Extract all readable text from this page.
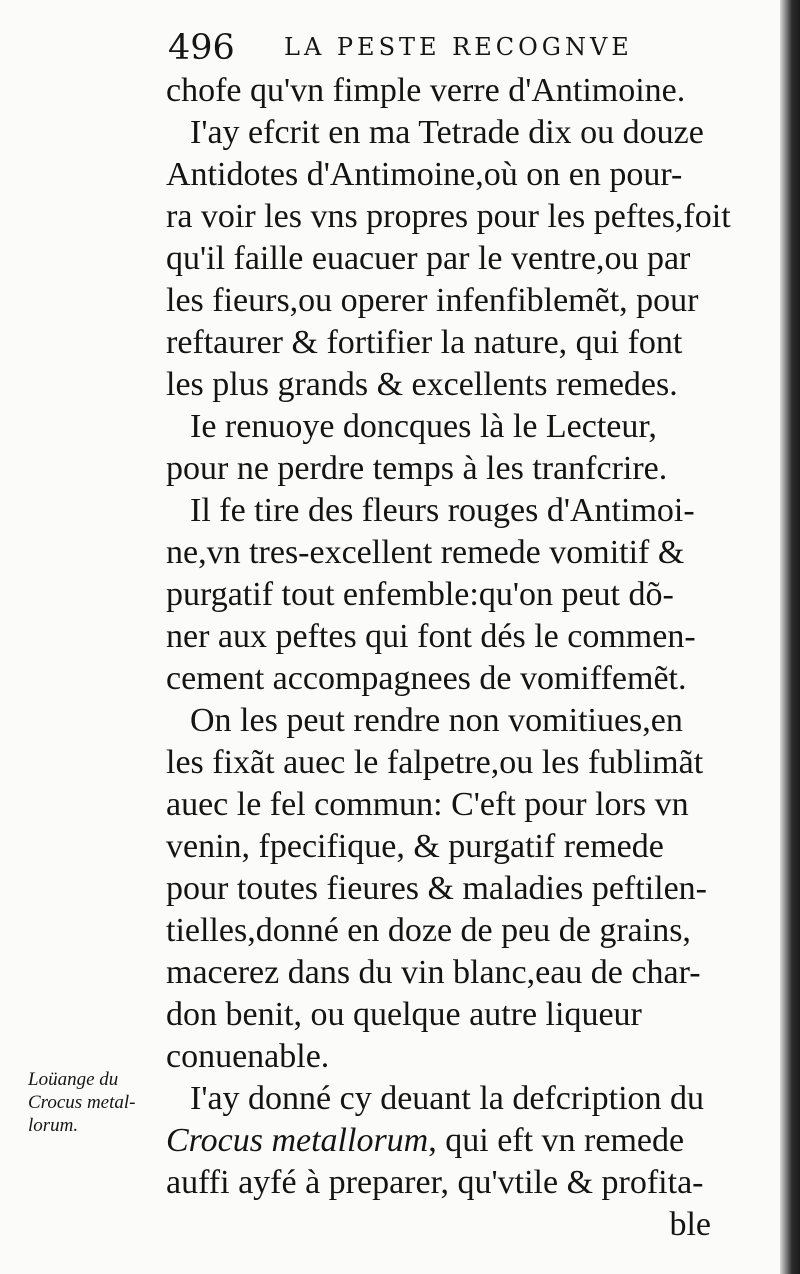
496 LA PESTE RECOGNVE
chofe qu'vn fimple verre d'Antimoine.
I'ay efcrit en ma Tetrade dix ou douze
Antidotes d'Antimoine,où on en pour-
ra voir les vns propres pour les peftes,foit
qu'il faille euacuer par le ventre,ou par
les fieurs,ou operer infenfiblemẽt, pour
reftaurer & fortifier la nature, qui font
les plus grands & excellents remedes.
Ie renuoye doncques là le Lecteur,
pour ne perdre temps à les tranfcrire.
Il fe tire des fleurs rouges d'Antimoi-
ne,vn tres-excellent remede vomitif &
purgatif tout enfemble:qu'on peut dõ-
ner aux peftes qui font dés le commen-
cement accompagnees de vomiffemẽt.
On les peut rendre non vomitiues,en
les fixãt auec le falpetre,ou les fublimãt
auec le fel commun: C'eft pour lors vn
venin, fpecifique, & purgatif remede
pour toutes fieures & maladies peftilen-
tielles,donné en doze de peu de grains,
macerez dans du vin blanc,eau de char-
don benit, ou quelque autre liqueur
conuenable.
I'ay donné cy deuant la defcription du
Crocus metallorum, qui eft vn remede
auffi ayfé à preparer, qu'vtile & profita-
ble
Loüange du
Crocus metal-
lorum.
